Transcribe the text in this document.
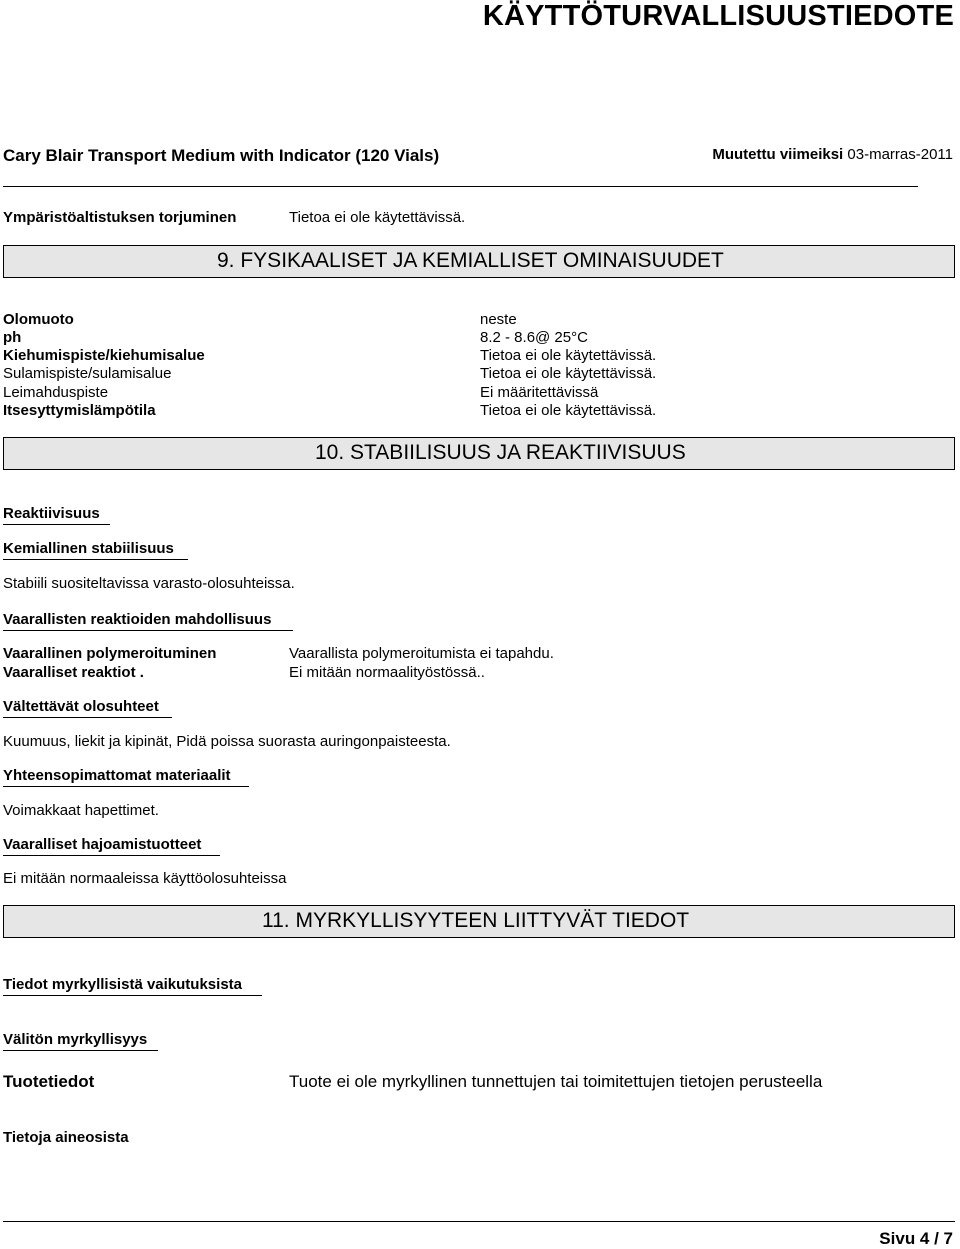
KÄYTTÖTURVALLISUUSTIEDOTE
Cary Blair Transport Medium with Indicator (120 Vials)	Muutettu viimeiksi 03-marras-2011
Ympäristöaltistuksen torjuminen	Tietoa ei ole käytettävissä.
9. FYSIKAALISET JA KEMIALLISET OMINAISUUDET
Olomuoto	neste
ph	8.2 - 8.6@ 25°C
Kiehumispiste/kiehumisalue	Tietoa ei ole käytettävissä.
Sulamispiste/sulamisalue	Tietoa ei ole käytettävissä.
Leimahduspiste	Ei määritettävissä
Itsesyttymislämpötila	Tietoa ei ole käytettävissä.
10. STABIILISUUS JA REAKTIIVISUUS
Reaktiivisuus
Kemiallinen stabiilisuus
Stabiili suositeltavissa varasto-olosuhteissa.
Vaarallisten reaktioiden mahdollisuus
Vaarallinen polymeroituminen	Vaarallista polymeroitumista ei tapahdu.
Vaaralliset reaktiot .	Ei mitään normaalityöstössä..
Vältettävät olosuhteet
Kuumuus, liekit ja kipinät, Pidä poissa suorasta auringonpaisteesta.
Yhteensopimattomat materiaalit
Voimakkaat hapettimet.
Vaaralliset hajoamistuotteet
Ei mitään normaaleissa käyttöolosuhteissa
11. MYRKYLLISYYTEEN LIITTYVÄT TIEDOT
Tiedot myrkyllisistä vaikutuksista
Välitön myrkyllisyys
Tuotetiedot	Tuote ei ole myrkyllinen tunnettujen tai toimitettujen tietojen perusteella
Tietoja aineosista
Sivu 4 / 7
